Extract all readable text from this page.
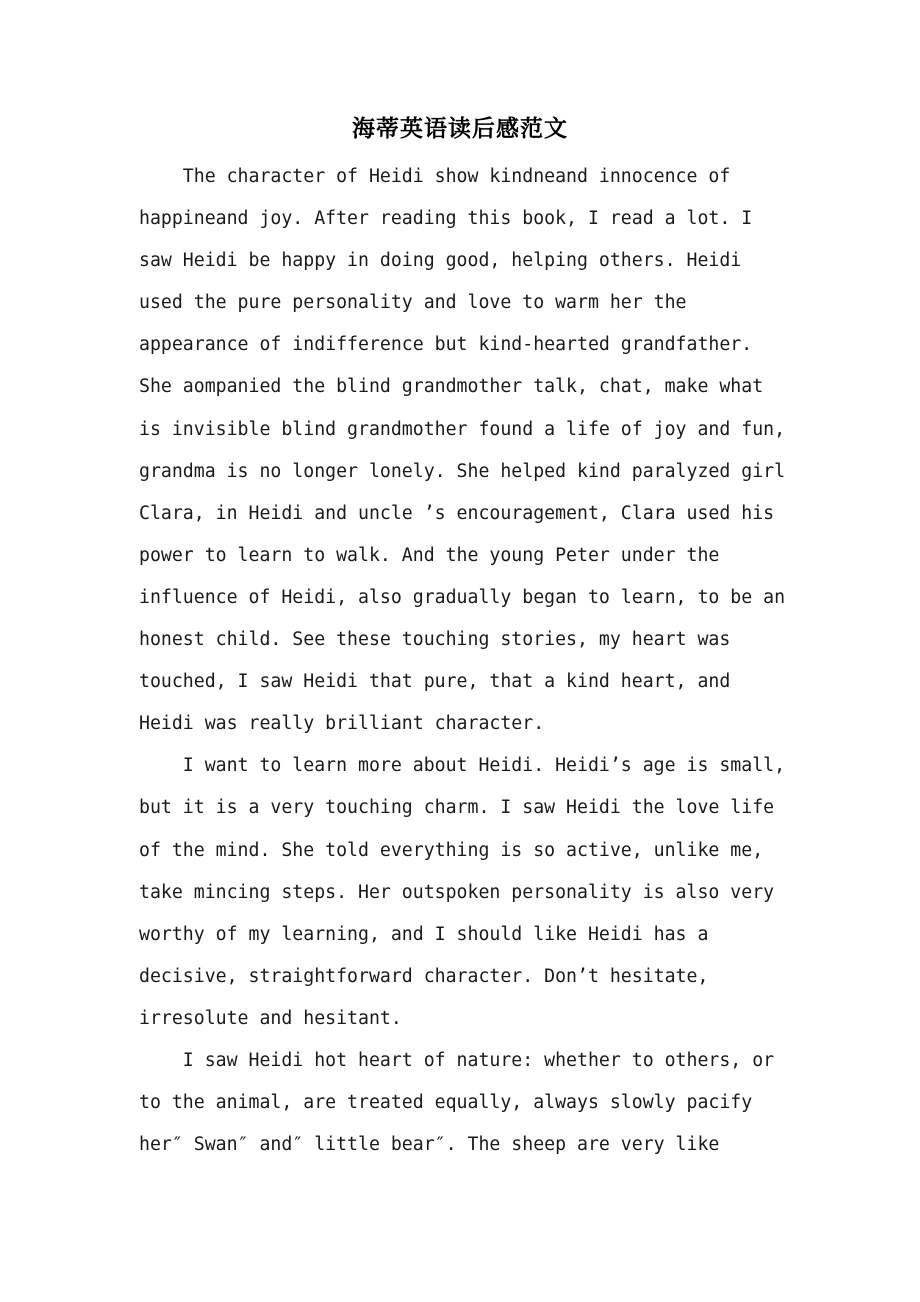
海蒂英语读后感范文
The character of Heidi show kindneand innocence of
happineand joy. After reading this book, I read a lot. I
saw Heidi be happy in doing good, helping others. Heidi
used the pure personality and love to warm her the
appearance of indifference but kind-hearted grandfather.
She aompanied the blind grandmother talk, chat, make what
is invisible blind grandmother found a life of joy and fun,
grandma is no longer lonely. She helped kind paralyzed girl
Clara, in Heidi and uncle ’s encouragement, Clara used his
power to learn to walk. And the young Peter under the
influence of Heidi, also gradually began to learn, to be an
honest child. See these touching stories, my heart was
touched, I saw Heidi that pure, that a kind heart, and
Heidi was really brilliant character.
I want to learn more about Heidi. Heidi’s age is small,
but it is a very touching charm. I saw Heidi the love life
of the mind. She told everything is so active, unlike me,
take mincing steps. Her outspoken personality is also very
worthy of my learning, and I should like Heidi has a
decisive, straightforward character. Don’t hesitate,
irresolute and hesitant.
I saw Heidi hot heart of nature: whether to others, or
to the animal, are treated equally, always slowly pacify
her″ Swan″ and″ little bear″. The sheep are very like
